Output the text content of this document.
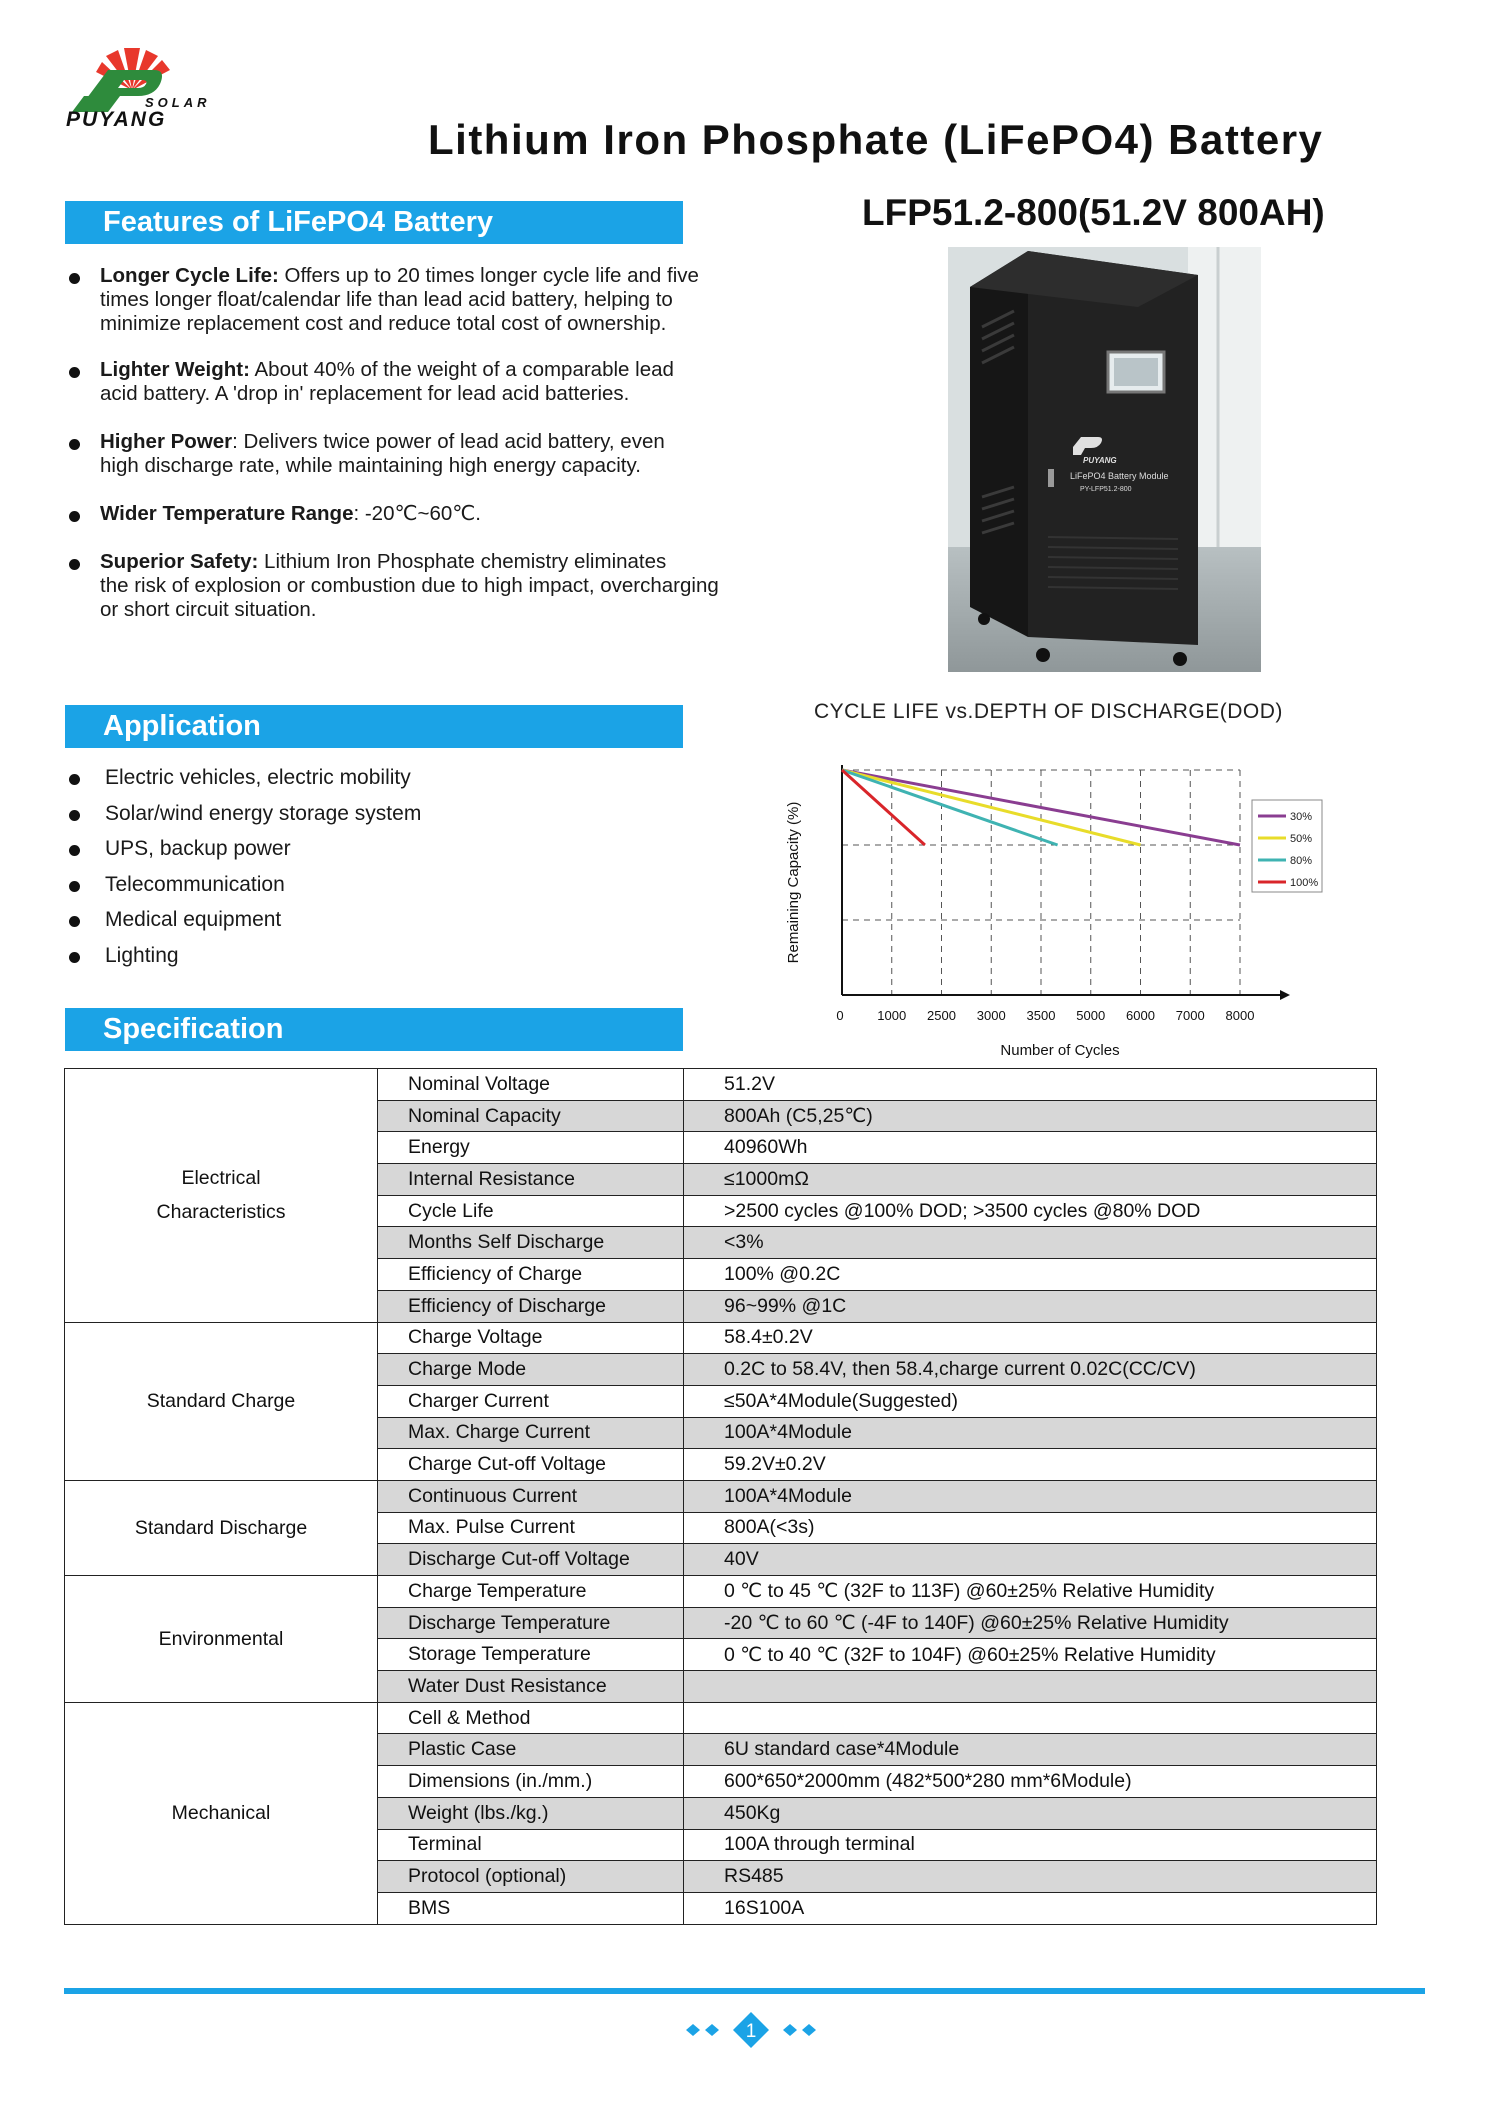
SOLAR
PUYANG	Lithium Iron Phosphate (LiFePO4) Battery
LFP51.2-800(51.2V 800AH)
Features of LiFePO4 Battery
Longer Cycle Life: Offers up to 20 times longer cycle life and five
times longer float/calendar life than lead acid battery, helping to
minimize replacement cost and reduce total cost of ownership.
Lighter Weight: About 40% of the weight of a comparable lead
acid battery. A 'drop in' replacement for lead acid batteries.
Higher Power: Delivers twice power of lead acid battery, even
high discharge rate, while maintaining high energy capacity.
Wider Temperature Range: -20℃~60℃.
Superior Safety: Lithium Iron Phosphate chemistry eliminates
the risk of explosion or combustion due to high impact, overcharging
or short circuit situation.
PUYANG
LiFePO4 Battery Module
PY-LFP51.2-800
Application
Electric vehicles, electric mobility
Solar/wind energy storage system
UPS, backup power
Telecommunication
Medical equipment
Lighting
CYCLE LIFE vs.DEPTH OF DISCHARGE(DOD)
0	1000 2500 3000 3500 5000 6000 7000 8000
Number of Cycles
Remaining Capacity (%)	30%
50%
80%
100%
Specification
Electrical
Characteristics	Nominal Voltage	51.2V
	Nominal Capacity	800Ah (C5,25℃)
	Energy	40960Wh
	Internal Resistance	≤1000mΩ
	Cycle Life	>2500 cycles @100% DOD; >3500 cycles @80% DOD
	Months Self Discharge	<3%
	Efficiency of Charge	100% @0.2C
	Efficiency of Discharge	96~99% @1C
Standard Charge	Charge Voltage	58.4±0.2V
	Charge Mode	0.2C to 58.4V, then 58.4,charge current 0.02C(CC/CV)
	Charger Current	≤50A*4Module(Suggested)
	Max. Charge Current	100A*4Module
	Charge Cut-off Voltage	59.2V±0.2V
Standard Discharge	Continuous Current	100A*4Module
	Max. Pulse Current	800A(<3s)
	Discharge Cut-off Voltage	40V
Environmental	Charge Temperature	0 ℃ to 45 ℃ (32F to 113F) @60±25% Relative Humidity
	Discharge Temperature	-20 ℃ to 60 ℃ (-4F to 140F) @60±25% Relative Humidity
	Storage Temperature	0 ℃ to 40 ℃ (32F to 104F) @60±25% Relative Humidity
	Water Dust Resistance	
Mechanical	Cell & Method	
	Plastic Case	6U standard case*4Module
	Dimensions (in./mm.)	600*650*2000mm (482*500*280 mm*6Module)
	Weight (lbs./kg.)	450Kg
	Terminal	100A through terminal
	Protocol (optional)	RS485
	BMS	16S100A
1
